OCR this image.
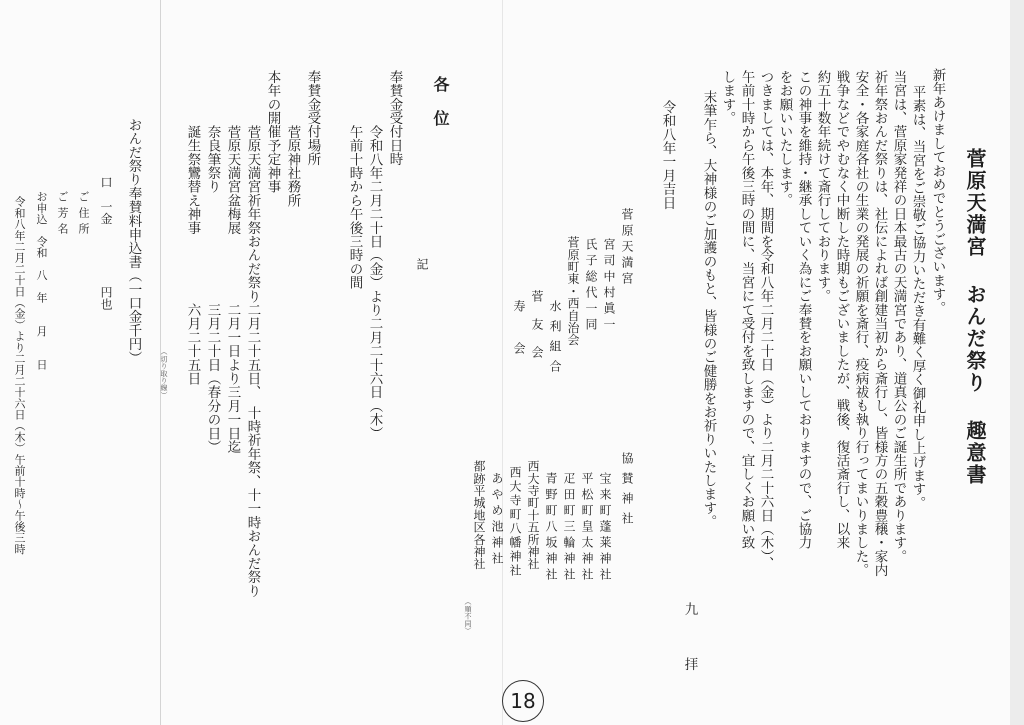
菅原天満宮 おんだ祭り 趣意書
新年あけましておめでとうございます。
平素は、当宮をご崇敬ご協力いただき有難く厚く御礼申し上げます。
当宮は、菅原家発祥の日本最古の天満宮であり、道真公のご誕生所であります。
祈年祭おんだ祭りは、社伝によれば創建当初から斎行し、皆様方の五穀豊穣・家内
安全・各家庭各社の生業の発展の祈願を斎行、疫病祓も執り行ってまいりました。
戦争などでやむなく中断した時期もございましたが、戦後、復活斎行し、以来
約五十数年続けて斎行しております。
この神事を維持・継承していく為にご奉賛をお願いしておりますので、ご協力
をお願いいたします。
つきましては、本年、期間を令和八年二月二十日（金）より二月二十六日（木）、
午前十時から午後三時の間に、当宮にて受付を致しますので、宜しくお願い致
します。
末筆乍ら、大神様のご加護のもと、皆様のご健勝をお祈りいたします。
九　拝
令和八年一月吉日
菅原天満宮
宮司中村眞一
氏子総代一同
菅原町東・西自治会
水利組合
菅友会
寿会
協賛神社
宝来町蓬莱神社
平松町皇太神社
疋田町三輪神社
青野町八坂神社
西大寺町十五所神社
西大寺町八幡神社
あやめ池神社
都跡平城地区各神社
（順不同）
各位
記
奉賛金受付日時
令和八年二月二十日（金）より二月二十六日（木）
午前十時から午後三時の間
奉賛金受付場所
菅原神社務所
本年の開催予定神事
菅原天満宮祈年祭おんだ祭り二月二十五日、　十時祈年祭、十一時おんだ祭り
菅原天満宮盆梅展　　　　　二月一日より三月一日迄
奈良筆祭り　　　　　　　　三月二十日（春分の日）
誕生祭鸞替え神事　　　　　六月二十五日
（切り取り線）
おんだ祭り奉賛料申込書（一口金千円）
口　一金　　　　　円也
ご住所
ご芳名
お申込　令和　八　年　　月　　日
令和八年二月二十日（金）より二月二十六日（木）午前十時〜午後三時
18
